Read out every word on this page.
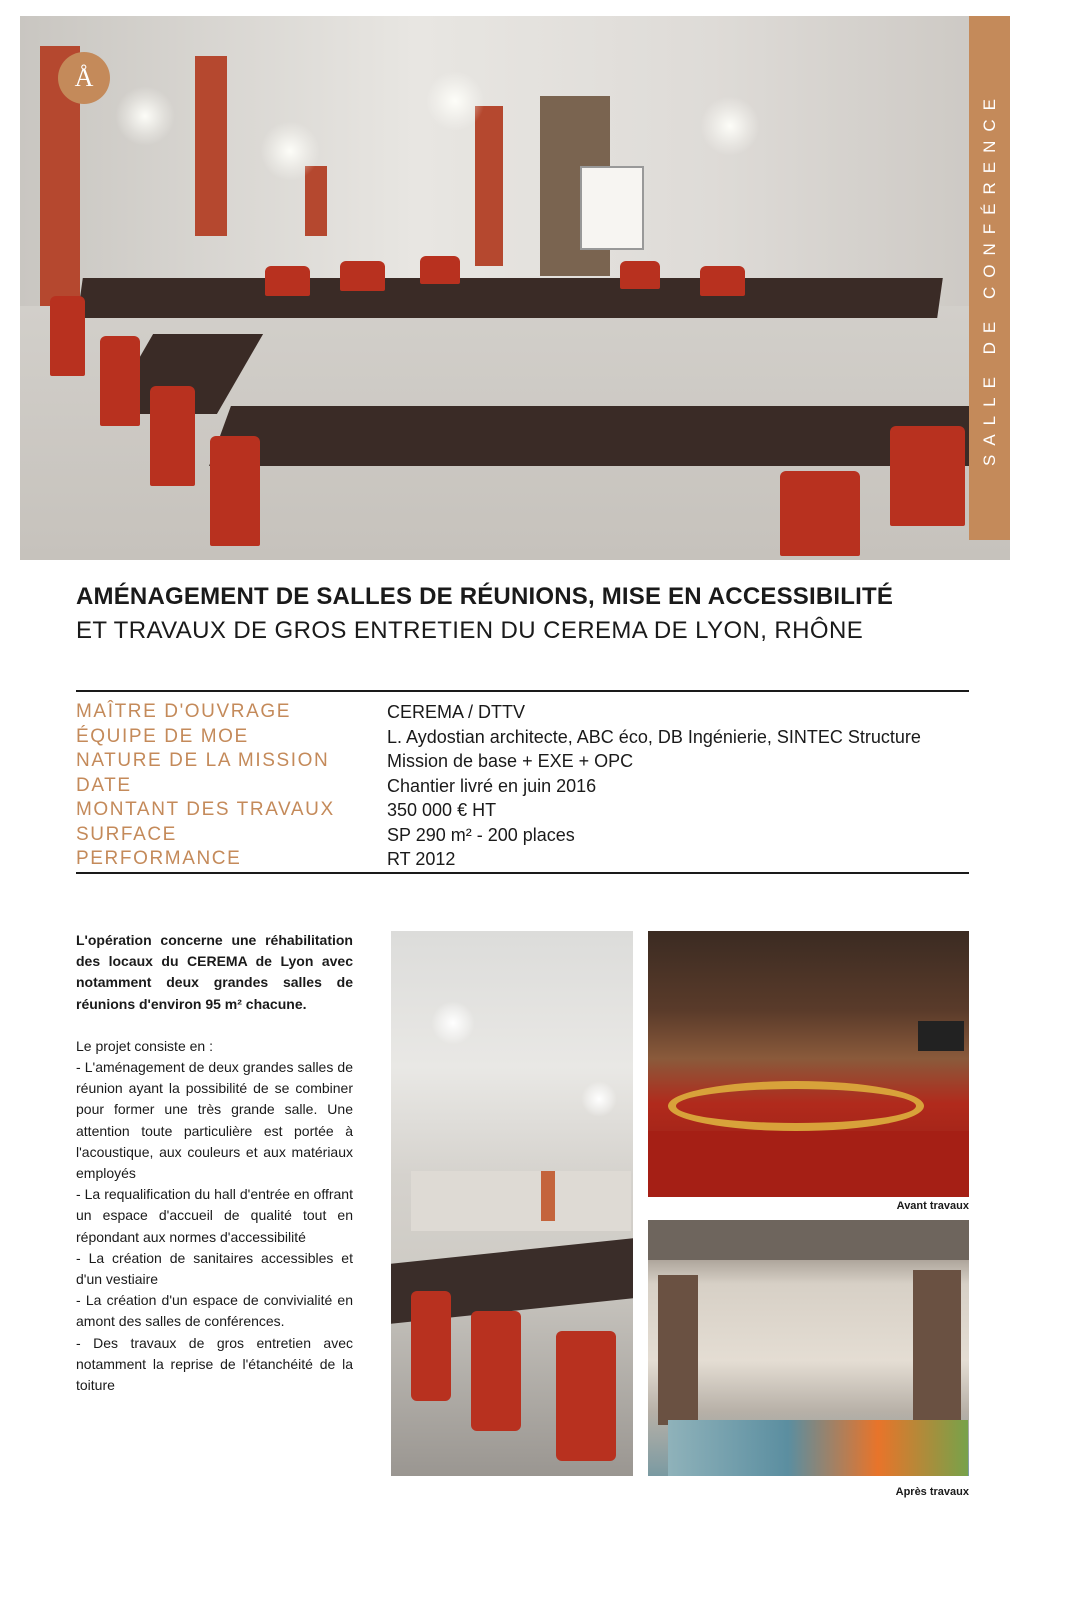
Å
SALLE DE CONFÉRENCE
AMÉNAGEMENT DE SALLES DE RÉUNIONS, MISE EN ACCESSIBILITÉ
ET TRAVAUX DE GROS ENTRETIEN DU CEREMA DE LYON, RHÔNE
MAÎTRE D'OUVRAGE	CEREMA / DTTV
ÉQUIPE DE MOE	L. Aydostian architecte, ABC éco, DB Ingénierie, SINTEC Structure
NATURE DE LA MISSION	Mission de base + EXE + OPC
DATE	Chantier livré en juin 2016
MONTANT DES TRAVAUX	350 000 € HT
SURFACE	SP 290 m² - 200 places
PERFORMANCE	RT 2012

L'opération concerne une réhabilitation des locaux du CEREMA de Lyon avec notamment deux grandes salles de réunions d'environ 95 m² chacune.

Le projet consiste en :

- L'aménagement de deux grandes salles de réunion ayant la possibilité de se combiner pour former une très grande salle. Une attention toute particulière est portée à l'acoustique, aux couleurs et aux matériaux employés

- La requalification du hall d'entrée en offrant un espace d'accueil de qualité tout en répondant aux normes d'accessibilité

- La création de sanitaires accessibles et d'un vestiaire

- La création d'un espace de convivialité en amont des salles de conférences.

- Des travaux de gros entretien avec notamment la reprise de l'étanchéité de la toiture

Avant travaux
Après travaux
